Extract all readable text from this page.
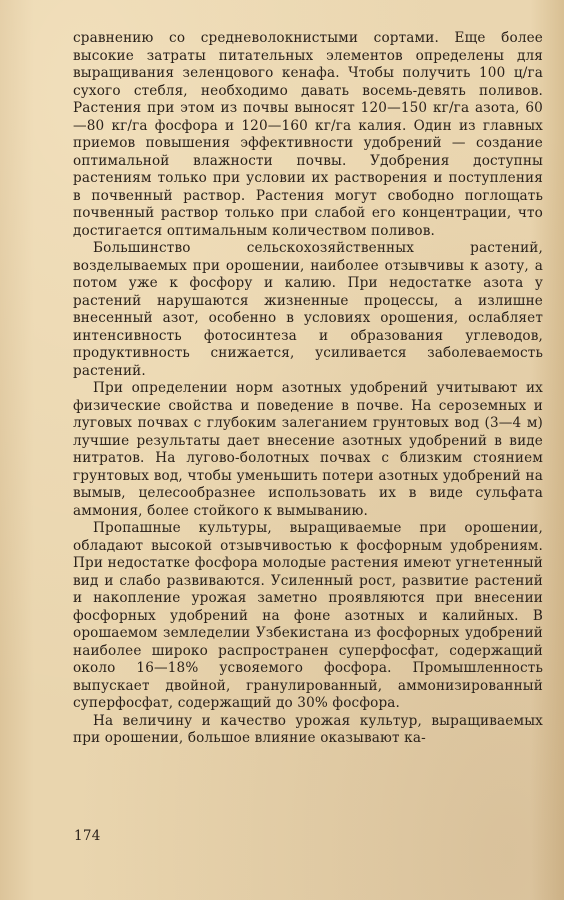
сравнению со средневолокнистыми сортами. Еще более высокие затраты питательных элементов определены для выращивания зеленцового кенафа. Чтобы получить 100 ц/га сухого стебля, необходимо давать восемь-девять поливов. Растения при этом из почвы выносят 120—150 кг/га азота, 60—80 кг/га фосфора и 120—160 кг/га калия. Один из главных приемов повышения эффективности удобрений — создание оптимальной влажности почвы. Удобрения доступны растениям только при условии их растворения и поступления в почвенный раствор. Растения могут свободно поглощать почвенный раствор только при слабой его концентрации, что достигается оптимальным количеством поливов.

Большинство сельскохозяйственных растений, возделываемых при орошении, наиболее отзывчивы к азоту, а потом уже к фосфору и калию. При недостатке азота у растений нарушаются жизненные процессы, а излишне внесенный азот, особенно в условиях орошения, ослабляет интенсивность фотосинтеза и образования углеводов, продуктивность снижается, усиливается заболеваемость растений.

При определении норм азотных удобрений учитывают их физические свойства и поведение в почве. На сероземных и луговых почвах с глубоким залеганием грунтовых вод (3—4 м) лучшие результаты дает внесение азотных удобрений в виде нитратов. На лугово-болотных почвах с близким стоянием грунтовых вод, чтобы уменьшить потери азотных удобрений на вымыв, целесообразнее использовать их в виде сульфата аммония, более стойкого к вымыванию.

Пропашные культуры, выращиваемые при орошении, обладают высокой отзывчивостью к фосфорным удобрениям. При недостатке фосфора молодые растения имеют угнетенный вид и слабо развиваются. Усиленный рост, развитие растений и накопление урожая заметно проявляются при внесении фосфорных удобрений на фоне азотных и калийных. В орошаемом земледелии Узбекистана из фосфорных удобрений наиболее широко распространен суперфосфат, содержащий около 16—18% усвояемого фосфора. Промышленность выпускает двойной, гранулированный, аммонизированный суперфосфат, содержащий до 30% фосфора.

На величину и качество урожая культур, выращиваемых при орошении, большое влияние оказывают ка-

174
